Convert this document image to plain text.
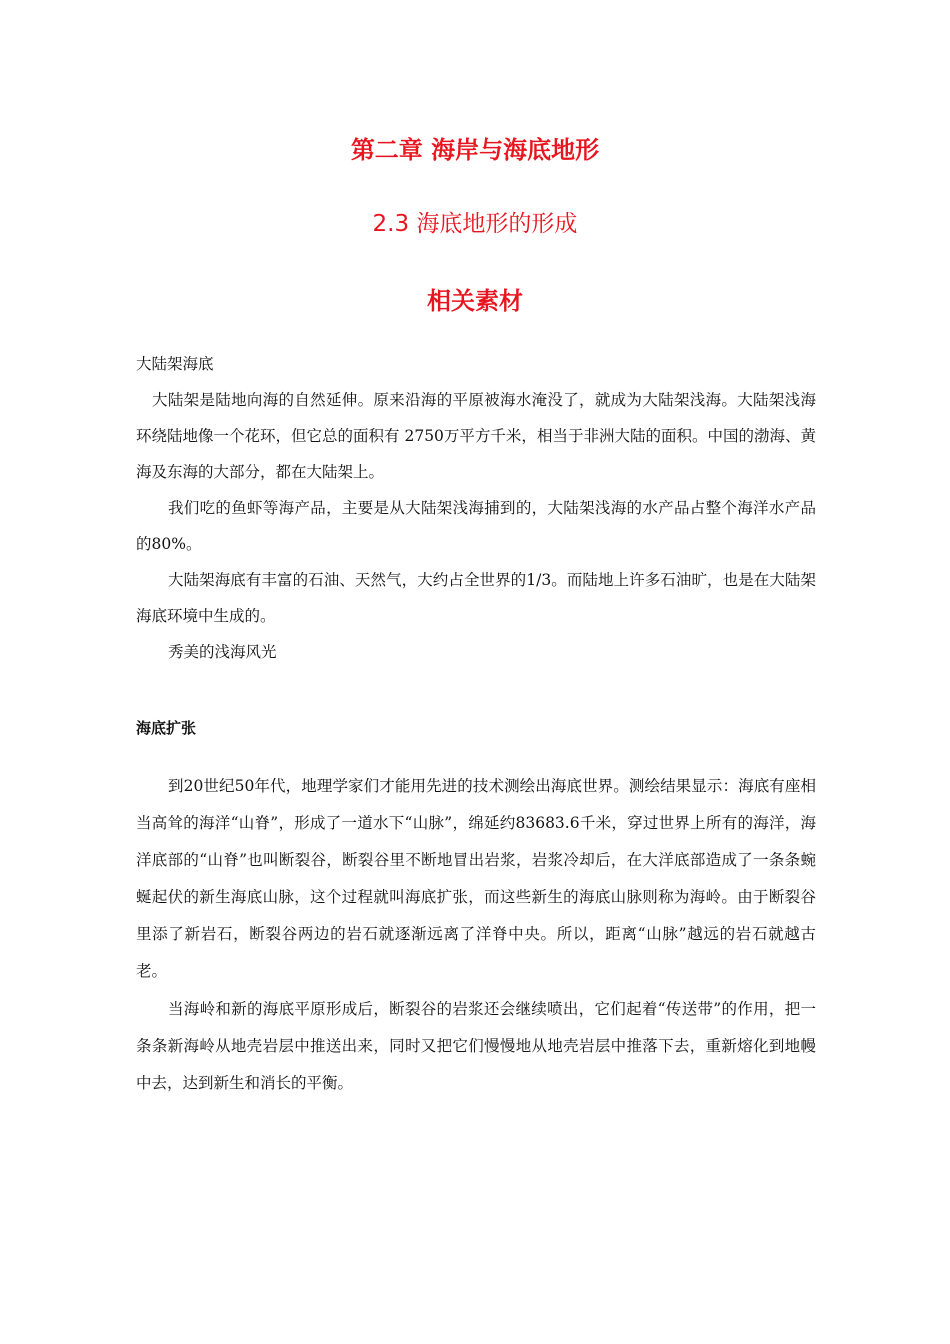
第二章 海岸与海底地形
2.3 海底地形的形成
相关素材
大陆架海底

大陆架是陆地向海的自然延伸。原来沿海的平原被海水淹没了，就成为大陆架浅海。大陆架浅海环绕陆地像一个花环，但它总的面积有 2750万平方千米，相当于非洲大陆的面积。中国的渤海、黄海及东海的大部分，都在大陆架上。

我们吃的鱼虾等海产品，主要是从大陆架浅海捕到的，大陆架浅海的水产品占整个海洋水产品的80%。

大陆架海底有丰富的石油、天然气，大约占全世界的1/3。而陆地上许多石油旷，也是在大陆架海底环境中生成的。

秀美的浅海风光

海底扩张

到20世纪50年代，地理学家们才能用先进的技术测绘出海底世界。测绘结果显示：海底有座相当高耸的海洋“山脊”，形成了一道水下“山脉”，绵延约83683.6千米，穿过世界上所有的海洋，海洋底部的“山脊”也叫断裂谷，断裂谷里不断地冒出岩浆，岩浆冷却后，在大洋底部造成了一条条蜿蜒起伏的新生海底山脉，这个过程就叫海底扩张，而这些新生的海底山脉则称为海岭。由于断裂谷里添了新岩石，断裂谷两边的岩石就逐渐远离了洋脊中央。所以，距离“山脉”越远的岩石就越古老。

当海岭和新的海底平原形成后，断裂谷的岩浆还会继续喷出，它们起着“传送带”的作用，把一条条新海岭从地壳岩层中推送出来，同时又把它们慢慢地从地壳岩层中推落下去，重新熔化到地幔中去，达到新生和消长的平衡。
